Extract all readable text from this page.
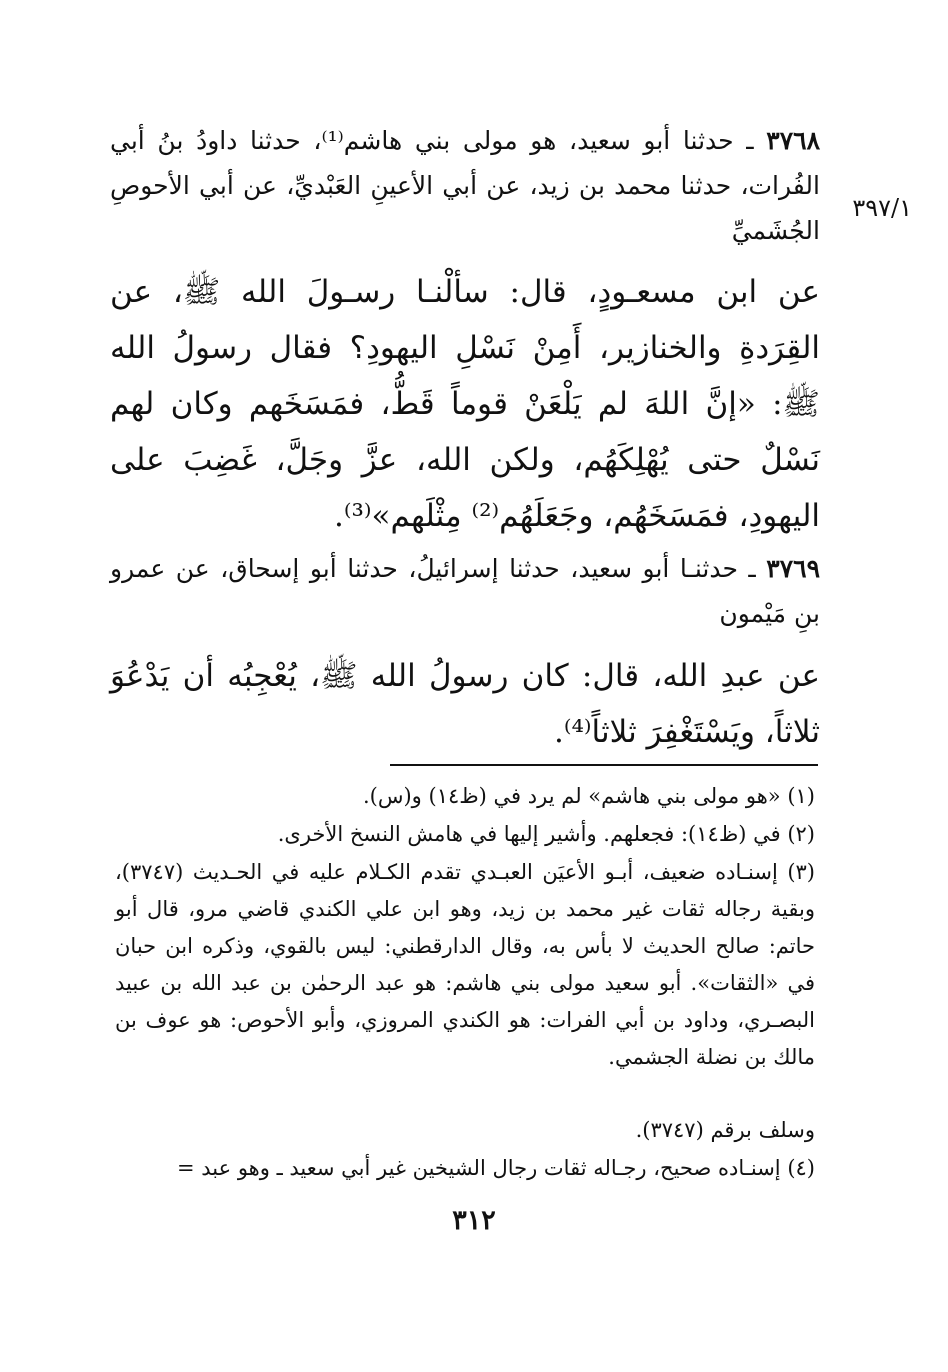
٣٧٦٨ ـ حدثنا أبو سعيد، هو مولى بني هاشم⁽¹⁾، حدثنا داودُ بنُ أبي الفُرات، حدثنا محمد بن زيد، عن أبي الأعينِ العَبْديِّ، عن أبي الأحوصِ الجُشَميِّ
٣٩٧/١
عن ابن مسعـودٍ، قال: سألْنـا رسـولَ الله ﷺ، عن القِرَدةِ والخنازير، أَمِنْ نَسْلِ اليهودِ؟ فقال رسولُ الله ﷺ: «إنَّ اللهَ لم يَلْعَنْ قوماً قَطُّ، فمَسَخَهم وكان لهم نَسْلٌ حتى يُهْلِكَهُم، ولكن الله، عزَّ وجَلَّ، غَضِبَ على اليهودِ، فمَسَخَهُم، وجَعَلَهُم⁽²⁾ مِثْلَهم»⁽³⁾.
٣٧٦٩ ـ حدثنـا أبو سعيد، حدثنا إسرائيلُ، حدثنا أبو إسحاق، عن عمرو بنِ مَيْمون
عن عبدِ الله، قال: كان رسولُ الله ﷺ، يُعْجِبُه أن يَدْعُوَ ثلاثاً، ويَسْتَغْفِرَ ثلاثاً⁽⁴⁾.
(١) «هو مولى بني هاشم» لم يرد في (ظ١٤) و(س).
(٢) في (ظ١٤): فجعلهم. وأشير إليها في هامش النسخ الأخرى.
(٣) إسنـاده ضعيف، أبـو الأعيَن العبـدي تقدم الكـلام عليه في الحـديث (٣٧٤٧)، وبقية رجاله ثقات غير محمد بن زيد، وهو ابن علي الكندي قاضي مرو، قال أبو حاتم: صالح الحديث لا بأس به، وقال الدارقطني: ليس بالقوي، وذكره ابن حبان في «الثقات». أبو سعيد مولى بني هاشم: هو عبد الرحمٰن بن عبد الله بن عبيد البصـري، وداود بن أبي الفرات: هو الكندي المروزي، وأبو الأحوص: هو عوف بن مالك بن نضلة الجشمي.
وسلف برقم (٣٧٤٧).
(٤) إسنـاده صحيح، رجـاله ثقات رجال الشيخين غير أبي سعيد ـ وهو عبد =
٣١٢
